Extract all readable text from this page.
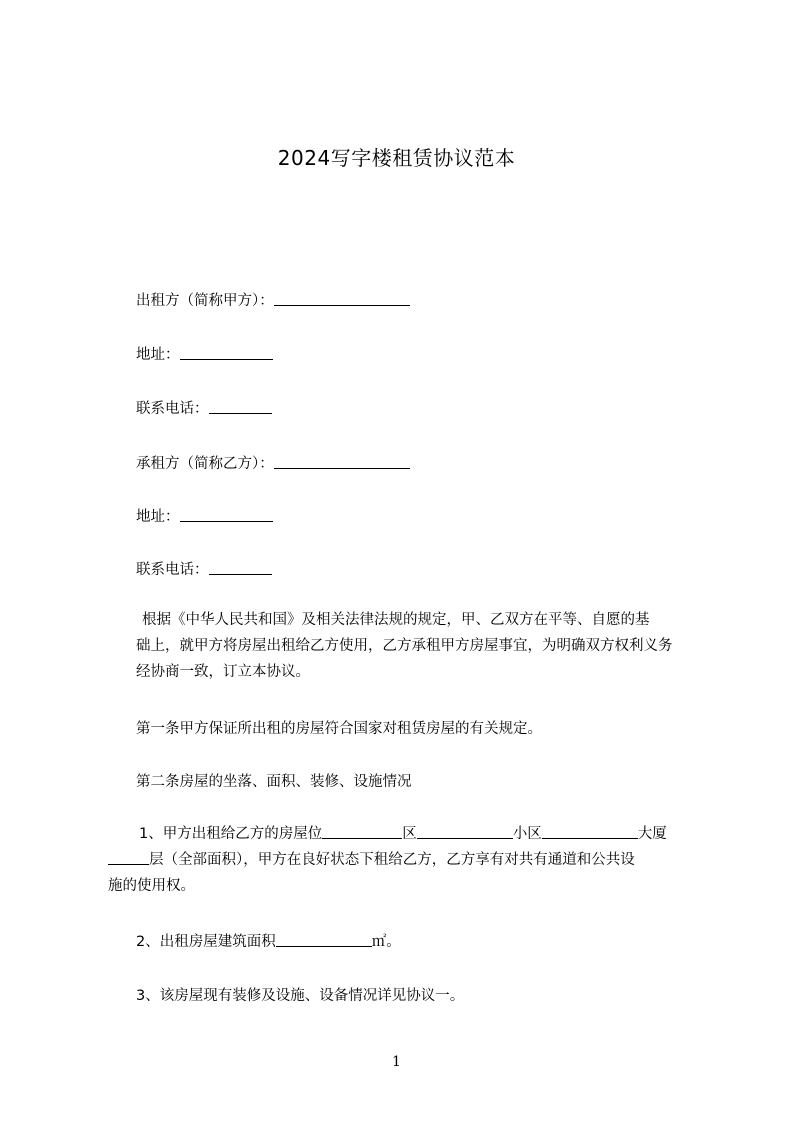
2024写字楼租赁协议范本

出租方（简称甲方）：

地址：

联系电话：

承租方（简称乙方）：

地址：

联系电话：

根据《中华人民共和国》及相关法律法规的规定，甲、乙双方在平等、自愿的基
础上，就甲方将房屋出租给乙方使用，乙方承租甲方房屋事宜，为明确双方权利义务
经协商一致，订立本协议。

第一条甲方保证所出租的房屋符合国家对租赁房屋的有关规定。

第二条房屋的坐落、面积、装修、设施情况

1、甲方出租给乙方的房屋位	区	小区	大厦
层（全部面积），甲方在良好状态下租给乙方，乙方享有对共有通道和公共设
施的使用权。

2、出租房屋建筑面积	㎡。

3、该房屋现有装修及设施、设备情况详见协议一。

1
